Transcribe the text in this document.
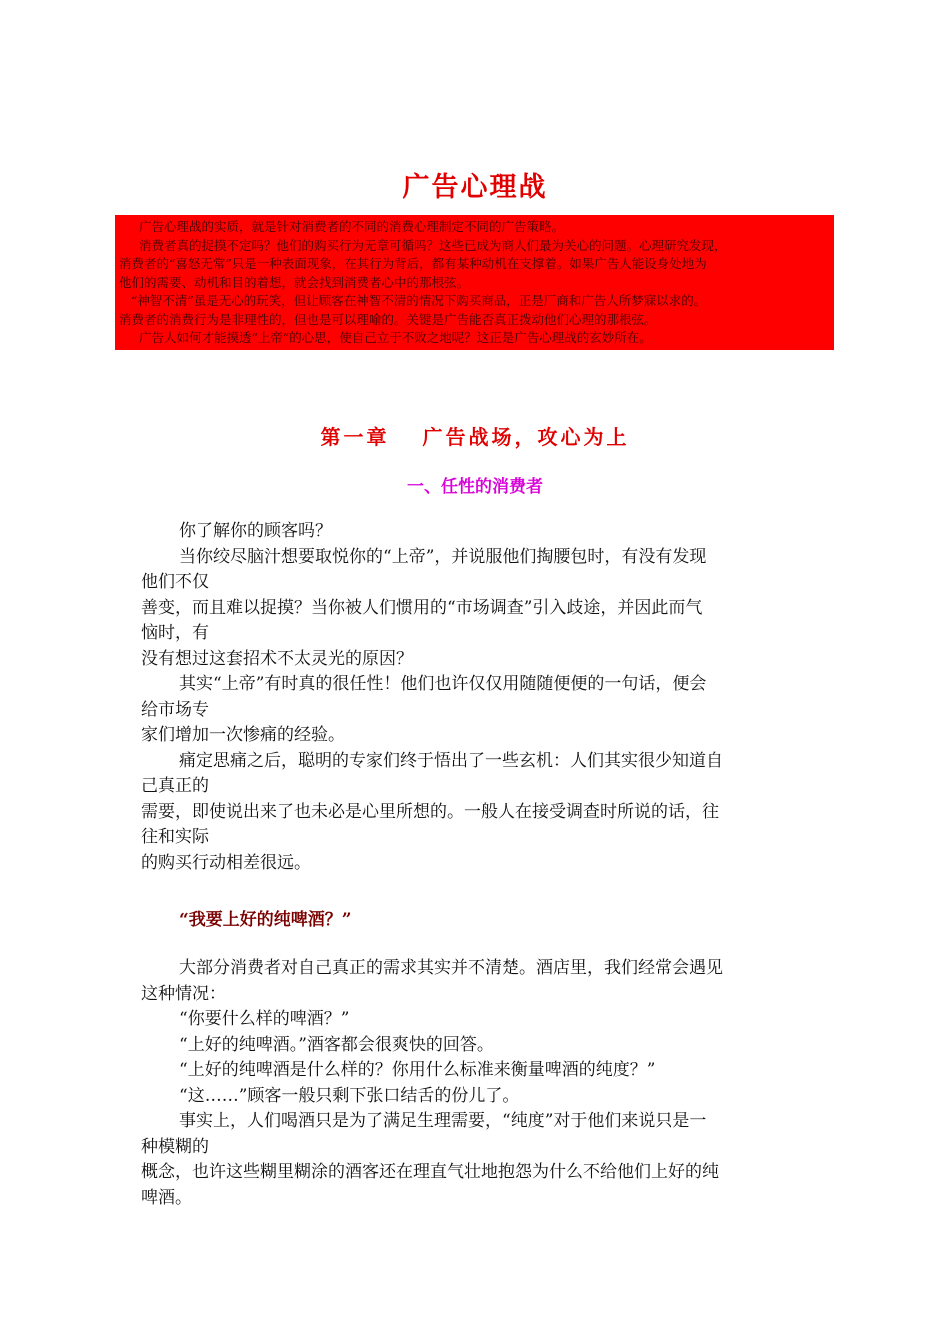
广告心理战
广告心理战的实质，就是针对消费者的不同的消费心理制定不同的广告策略。
消费者真的捉摸不定吗？他们的购买行为无章可循吗？这些已成为商人们最为关心的问题。心理研究发现，
消费者的“喜怒无常”只是一种表面现象，在其行为背后，都有某种动机在支撑着。如果广告人能设身处地为
他们的需要、动机和目的着想，就会找到消费者心中的那根弦。
“神智不清”虽是无心的玩笑，但让顾客在神智不清的情况下购买商品，正是厂商和广告人所梦寐以求的。
消费者的消费行为是非理性的，但也是可以理喻的。关键是广告能否真正拨动他们心理的那根弦。
广告人如何才能摸透“上帝”的心思，使自己立于不败之地呢？这正是广告心理战的玄妙所在。
第一章　 广告战场，攻心为上
一、任性的消费者
你了解你的顾客吗？
当你绞尽脑汁想要取悦你的“上帝”，并说服他们掏腰包时，有没有发现
他们不仅
善变，而且难以捉摸？当你被人们惯用的“市场调查”引入歧途，并因此而气
恼时，有
没有想过这套招术不太灵光的原因？
其实“上帝”有时真的很任性！他们也许仅仅用随随便便的一句话，便会
给市场专
家们增加一次惨痛的经验。
痛定思痛之后，聪明的专家们终于悟出了一些玄机：人们其实很少知道自
己真正的
需要，即使说出来了也未必是心里所想的。一般人在接受调查时所说的话，往
往和实际
的购买行动相差很远。
“我要上好的纯啤酒？”
大部分消费者对自己真正的需求其实并不清楚。酒店里，我们经常会遇见
这种情况：
“你要什么样的啤酒？”
“上好的纯啤酒。”酒客都会很爽快的回答。
“上好的纯啤酒是什么样的？你用什么标准来衡量啤酒的纯度？”
“这……”顾客一般只剩下张口结舌的份儿了。
事实上，人们喝酒只是为了满足生理需要，“纯度”对于他们来说只是一
种模糊的
概念，也许这些糊里糊涂的酒客还在理直气壮地抱怨为什么不给他们上好的纯
啤酒。
